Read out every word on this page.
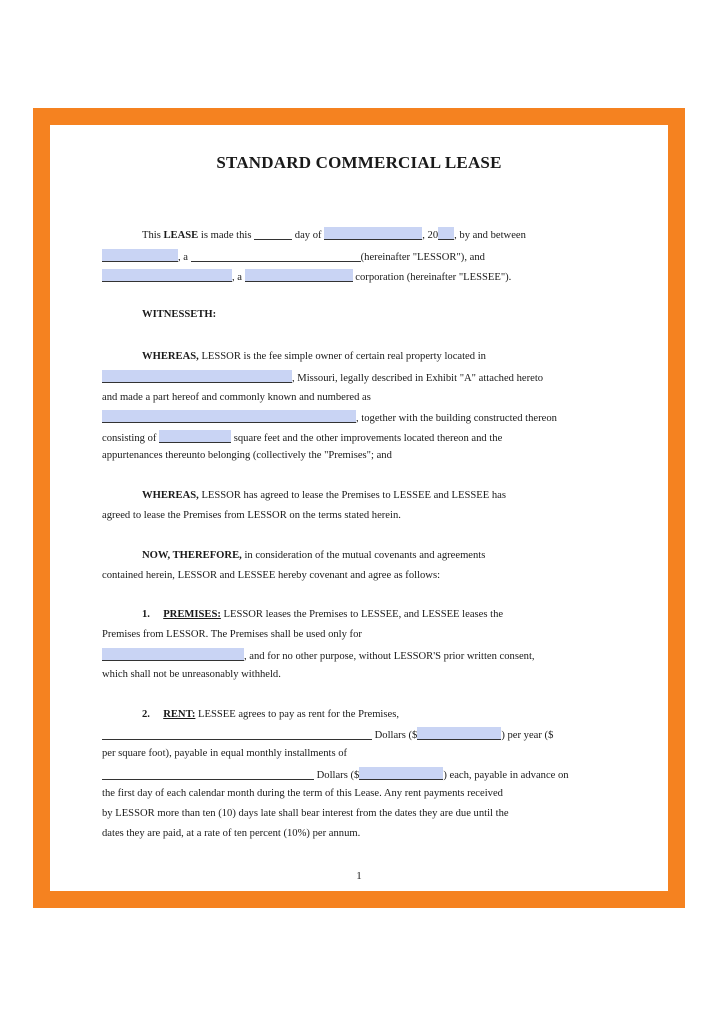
STANDARD COMMERCIAL LEASE
This LEASE is made this	day of	, 20 , by and between
, a	(hereinafter "LESSOR"), and
, a	corporation (hereinafter "LESSEE").
WITNESSETH:
WHEREAS, LESSOR is the fee simple owner of certain real property located in
, Missouri, legally described in Exhibit "A" attached hereto
and made a part hereof and commonly known and numbered as
, together with the building constructed thereon
consisting of	square feet and the other improvements located thereon and the
appurtenances thereunto belonging (collectively the "Premises"; and
WHEREAS, LESSOR has agreed to lease the Premises to LESSEE and LESSEE has
agreed to lease the Premises from LESSOR on the terms stated herein.
NOW, THEREFORE, in consideration of the mutual covenants and agreements
contained herein, LESSOR and LESSEE hereby covenant and agree as follows:
1. PREMISES: LESSOR leases the Premises to LESSEE, and LESSEE leases the
Premises from LESSOR. The Premises shall be used only for
, and for no other purpose, without LESSOR'S prior written consent,
which shall not be unreasonably withheld.
2. RENT: LESSEE agrees to pay as rent for the Premises,
Dollars ($	) per year ($
per square foot), payable in equal monthly installments of
Dollars ($	) each, payable in advance on
the first day of each calendar month during the term of this Lease. Any rent payments received
by LESSOR more than ten (10) days late shall bear interest from the dates they are due until the
dates they are paid, at a rate of ten percent (10%) per annum.
1
